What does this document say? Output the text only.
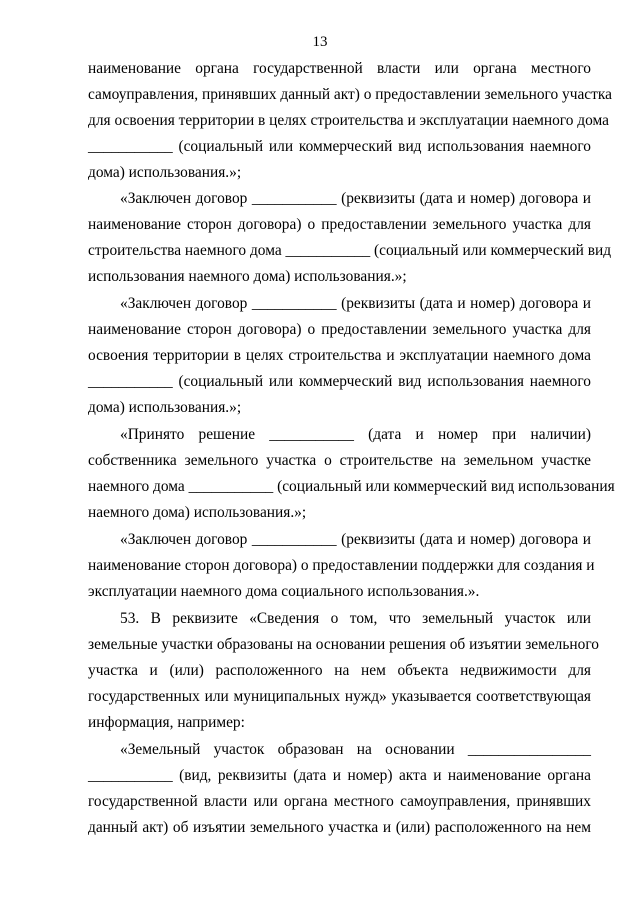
13
наименование органа государственной власти или органа местного
самоуправления, принявших данный акт) о предоставлении земельного участка
для освоения территории в целях строительства и эксплуатации наемного дома
___________ (социальный или коммерческий вид использования наемного
дома) использования.»;
«Заключен договор ___________ (реквизиты (дата и номер) договора и
наименование сторон договора) о предоставлении земельного участка для
строительства наемного дома ___________ (социальный или коммерческий вид
использования наемного дома) использования.»;
«Заключен договор ___________ (реквизиты (дата и номер) договора и
наименование сторон договора) о предоставлении земельного участка для
освоения территории в целях строительства и эксплуатации наемного дома
___________ (социальный или коммерческий вид использования наемного
дома) использования.»;
«Принято решение ___________ (дата и номер при наличии)
собственника земельного участка о строительстве на земельном участке
наемного дома ___________ (социальный или коммерческий вид использования
наемного дома) использования.»;
«Заключен договор ___________ (реквизиты (дата и номер) договора и
наименование сторон договора) о предоставлении поддержки для создания и
эксплуатации наемного дома социального использования.».
53. В реквизите «Сведения о том, что земельный участок или
земельные участки образованы на основании решения об изъятии земельного
участка и (или) расположенного на нем объекта недвижимости для
государственных или муниципальных нужд» указывается соответствующая
информация, например:
«Земельный участок образован на основании ________________
___________ (вид, реквизиты (дата и номер) акта и наименование органа
государственной власти или органа местного самоуправления, принявших
данный акт) об изъятии земельного участка и (или) расположенного на нем
